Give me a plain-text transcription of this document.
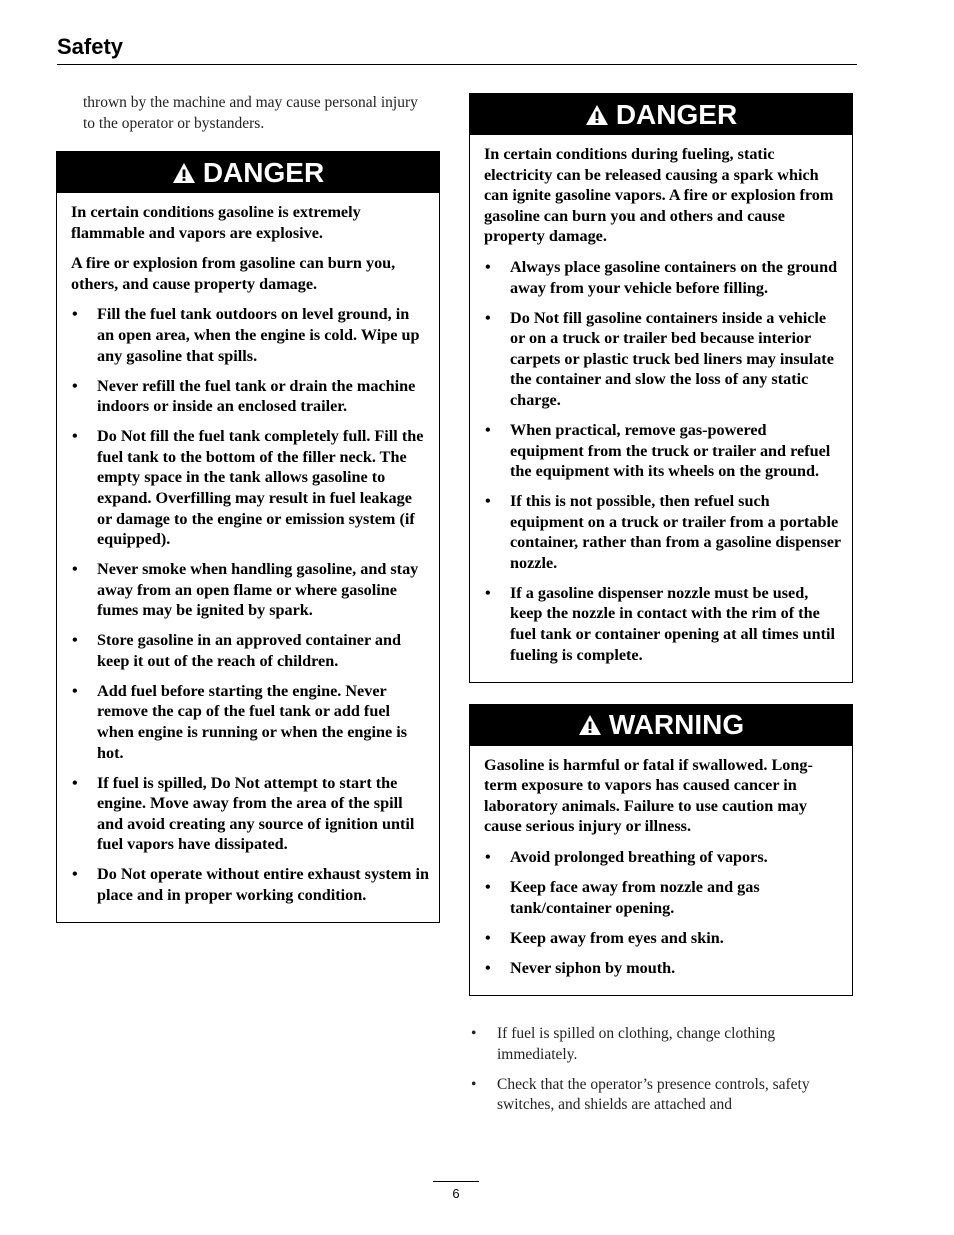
Safety

thrown by the machine and may cause personal injury to the operator or bystanders.

DANGER

In certain conditions gasoline is extremely flammable and vapors are explosive.

A fire or explosion from gasoline can burn you, others, and cause property damage.

• Fill the fuel tank outdoors on level ground, in an open area, when the engine is cold. Wipe up any gasoline that spills.
• Never refill the fuel tank or drain the machine indoors or inside an enclosed trailer.
• Do Not fill the fuel tank completely full. Fill the fuel tank to the bottom of the filler neck. The empty space in the tank allows gasoline to expand. Overfilling may result in fuel leakage or damage to the engine or emission system (if equipped).
• Never smoke when handling gasoline, and stay away from an open flame or where gasoline fumes may be ignited by spark.
• Store gasoline in an approved container and keep it out of the reach of children.
• Add fuel before starting the engine. Never remove the cap of the fuel tank or add fuel when engine is running or when the engine is hot.
• If fuel is spilled, Do Not attempt to start the engine. Move away from the area of the spill and avoid creating any source of ignition until fuel vapors have dissipated.
• Do Not operate without entire exhaust system in place and in proper working condition.
DANGER

In certain conditions during fueling, static electricity can be released causing a spark which can ignite gasoline vapors. A fire or explosion from gasoline can burn you and others and cause property damage.

• Always place gasoline containers on the ground away from your vehicle before filling.
• Do Not fill gasoline containers inside a vehicle or on a truck or trailer bed because interior carpets or plastic truck bed liners may insulate the container and slow the loss of any static charge.
• When practical, remove gas-powered equipment from the truck or trailer and refuel the equipment with its wheels on the ground.
• If this is not possible, then refuel such equipment on a truck or trailer from a portable container, rather than from a gasoline dispenser nozzle.
• If a gasoline dispenser nozzle must be used, keep the nozzle in contact with the rim of the fuel tank or container opening at all times until fueling is complete.
WARNING

Gasoline is harmful or fatal if swallowed. Long-term exposure to vapors has caused cancer in laboratory animals. Failure to use caution may cause serious injury or illness.

• Avoid prolonged breathing of vapors.
• Keep face away from nozzle and gas tank/container opening.
• Keep away from eyes and skin.
• Never siphon by mouth.
• If fuel is spilled on clothing, change clothing immediately.
• Check that the operator’s presence controls, safety switches, and shields are attached and
6
